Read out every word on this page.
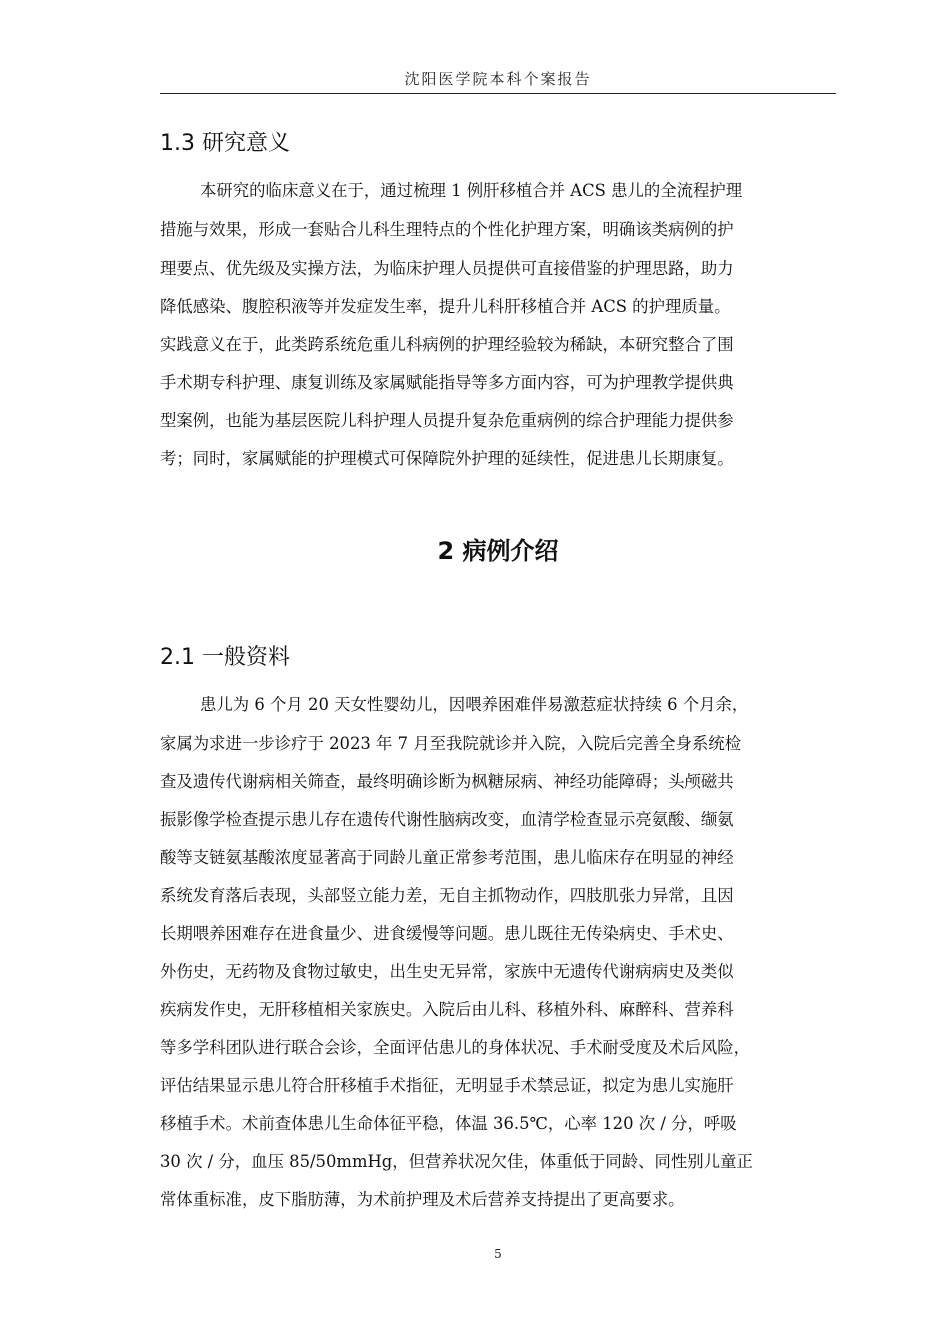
沈阳医学院本科个案报告
1.3 研究意义
本研究的临床意义在于，通过梳理 1 例肝移植合并 ACS 患儿的全流程护理
措施与效果，形成一套贴合儿科生理特点的个性化护理方案，明确该类病例的护
理要点、优先级及实操方法，为临床护理人员提供可直接借鉴的护理思路，助力
降低感染、腹腔积液等并发症发生率，提升儿科肝移植合并 ACS 的护理质量。
实践意义在于，此类跨系统危重儿科病例的护理经验较为稀缺，本研究整合了围
手术期专科护理、康复训练及家属赋能指导等多方面内容，可为护理教学提供典
型案例，也能为基层医院儿科护理人员提升复杂危重病例的综合护理能力提供参
考；同时，家属赋能的护理模式可保障院外护理的延续性，促进患儿长期康复。
2 病例介绍
2.1 一般资料
患儿为 6 个月 20 天女性婴幼儿，因喂养困难伴易激惹症状持续 6 个月余，
家属为求进一步诊疗于 2023 年 7 月至我院就诊并入院，入院后完善全身系统检
查及遗传代谢病相关筛查，最终明确诊断为枫糖尿病、神经功能障碍；头颅磁共
振影像学检查提示患儿存在遗传代谢性脑病改变，血清学检查显示亮氨酸、缬氨
酸等支链氨基酸浓度显著高于同龄儿童正常参考范围，患儿临床存在明显的神经
系统发育落后表现，头部竖立能力差，无自主抓物动作，四肢肌张力异常，且因
长期喂养困难存在进食量少、进食缓慢等问题。患儿既往无传染病史、手术史、
外伤史，无药物及食物过敏史，出生史无异常，家族中无遗传代谢病病史及类似
疾病发作史，无肝移植相关家族史。入院后由儿科、移植外科、麻醉科、营养科
等多学科团队进行联合会诊，全面评估患儿的身体状况、手术耐受度及术后风险，
评估结果显示患儿符合肝移植手术指征，无明显手术禁忌证，拟定为患儿实施肝
移植手术。术前查体患儿生命体征平稳，体温 36.5℃，心率 120 次 / 分，呼吸
30 次 / 分，血压 85/50mmHg，但营养状况欠佳，体重低于同龄、同性别儿童正
常体重标准，皮下脂肪薄，为术前护理及术后营养支持提出了更高要求。
5
